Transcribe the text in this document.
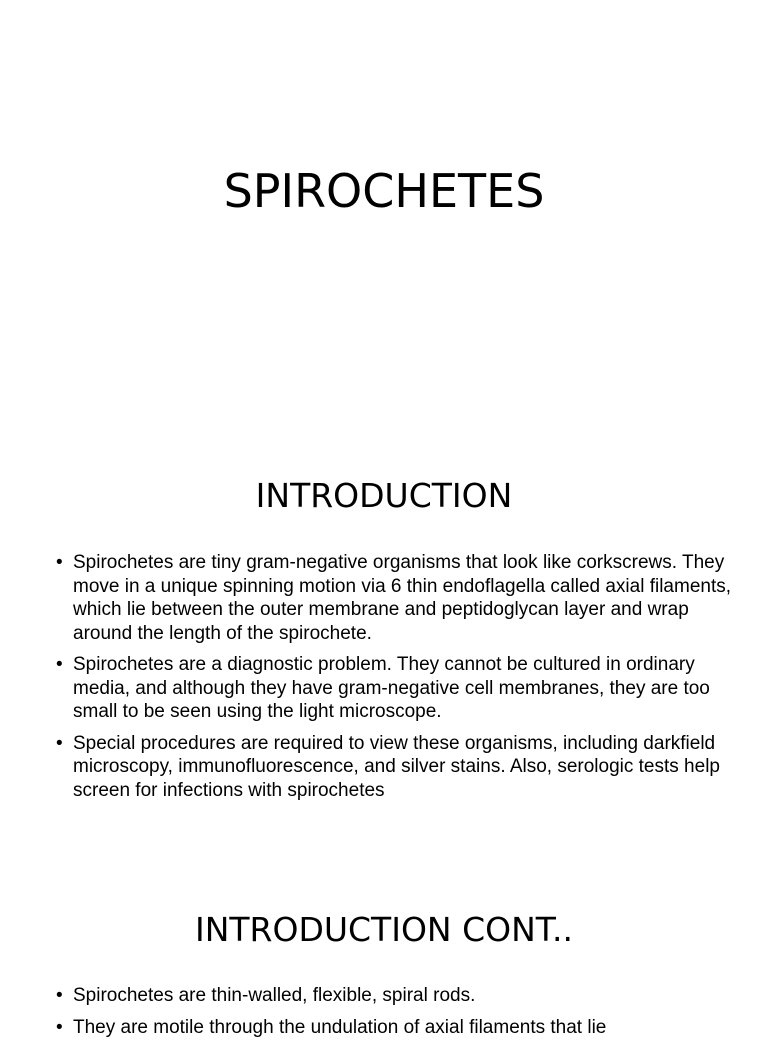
SPIROCHETES
INTRODUCTION
• Spirochetes are tiny gram-negative organisms that look like corkscrews. They move in a unique spinning motion via 6 thin endoflagella called axial filaments, which lie between the outer membrane and peptidoglycan layer and wrap around the length of the spirochete.
• Spirochetes are a diagnostic problem. They cannot be cultured in ordinary media, and although they have gram-negative cell membranes, they are too small to be seen using the light microscope.
• Special procedures are required to view these organisms, including darkfield microscopy, immunofluorescence, and silver stains. Also, serologic tests help screen for infections with spirochetes
INTRODUCTION CONT..
• Spirochetes are thin-walled, flexible, spiral rods.
• They are motile through the undulation of axial filaments that lie
